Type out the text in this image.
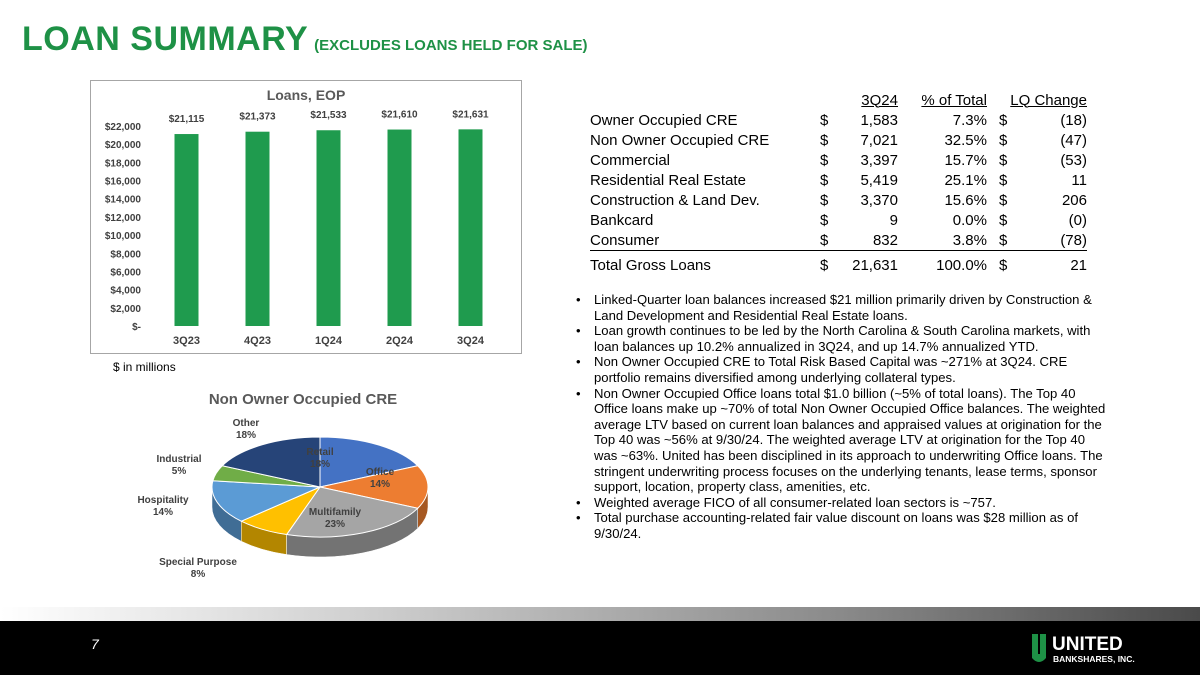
LOAN SUMMARY (EXCLUDES LOANS HELD FOR SALE)
Loans, EOP
$-
$2,000
$4,000
$6,000
$8,000
$10,000
$12,000
$14,000
$16,000
$18,000
$20,000
$22,000
$21,115
3Q23
$21,373
4Q23
$21,533
1Q24
$21,610
2Q24
$21,631
3Q24
$ in millions
Non Owner Occupied CRE
Retail
18%
Office
14%
Multifamily
23%
Special Purpose
8%
Hospitality
14%
Industrial
5%
Other
18%
		3Q24	% of Total	LQ Change	
Owner Occupied CRE	$	1,583	7.3%	$	(18)
Non Owner Occupied CRE	$	7,021	32.5%	$	(47)
Commercial	$	3,397	15.7%	$	(53)
Residential Real Estate	$	5,419	25.1%	$	11
Construction & Land Dev.	$	3,370	15.6%	$	206
Bankcard	$	9	0.0%	$	(0)
Consumer	$	832	3.8%	$	(78)
Total Gross Loans	$	21,631	100.0%	$	21
• Linked-Quarter loan balances increased $21 million primarily driven by Construction & Land Development and Residential Real Estate loans.
• Loan growth continues to be led by the North Carolina & South Carolina markets, with loan balances up 10.2% annualized in 3Q24, and up 14.7% annualized YTD.
• Non Owner Occupied CRE to Total Risk Based Capital was ~271% at 3Q24. CRE portfolio remains diversified among underlying collateral types.
• Non Owner Occupied Office loans total $1.0 billion (~5% of total loans). The Top 40 Office loans make up ~70% of total Non Owner Occupied Office balances. The weighted average LTV based on current loan balances and appraised values at origination for the Top 40 was ~56% at 9/30/24. The weighted average LTV at origination for the Top 40 was ~63%. United has been disciplined in its approach to underwriting Office loans. The stringent underwriting process focuses on the underlying tenants, lease terms, sponsor support, location, property class, amenities, etc.
• Weighted average FICO of all consumer-related loan sectors is ~757.
• Total purchase accounting-related fair value discount on loans was $28 million as of 9/30/24.
7	UNITED
BANKSHARES, INC.
